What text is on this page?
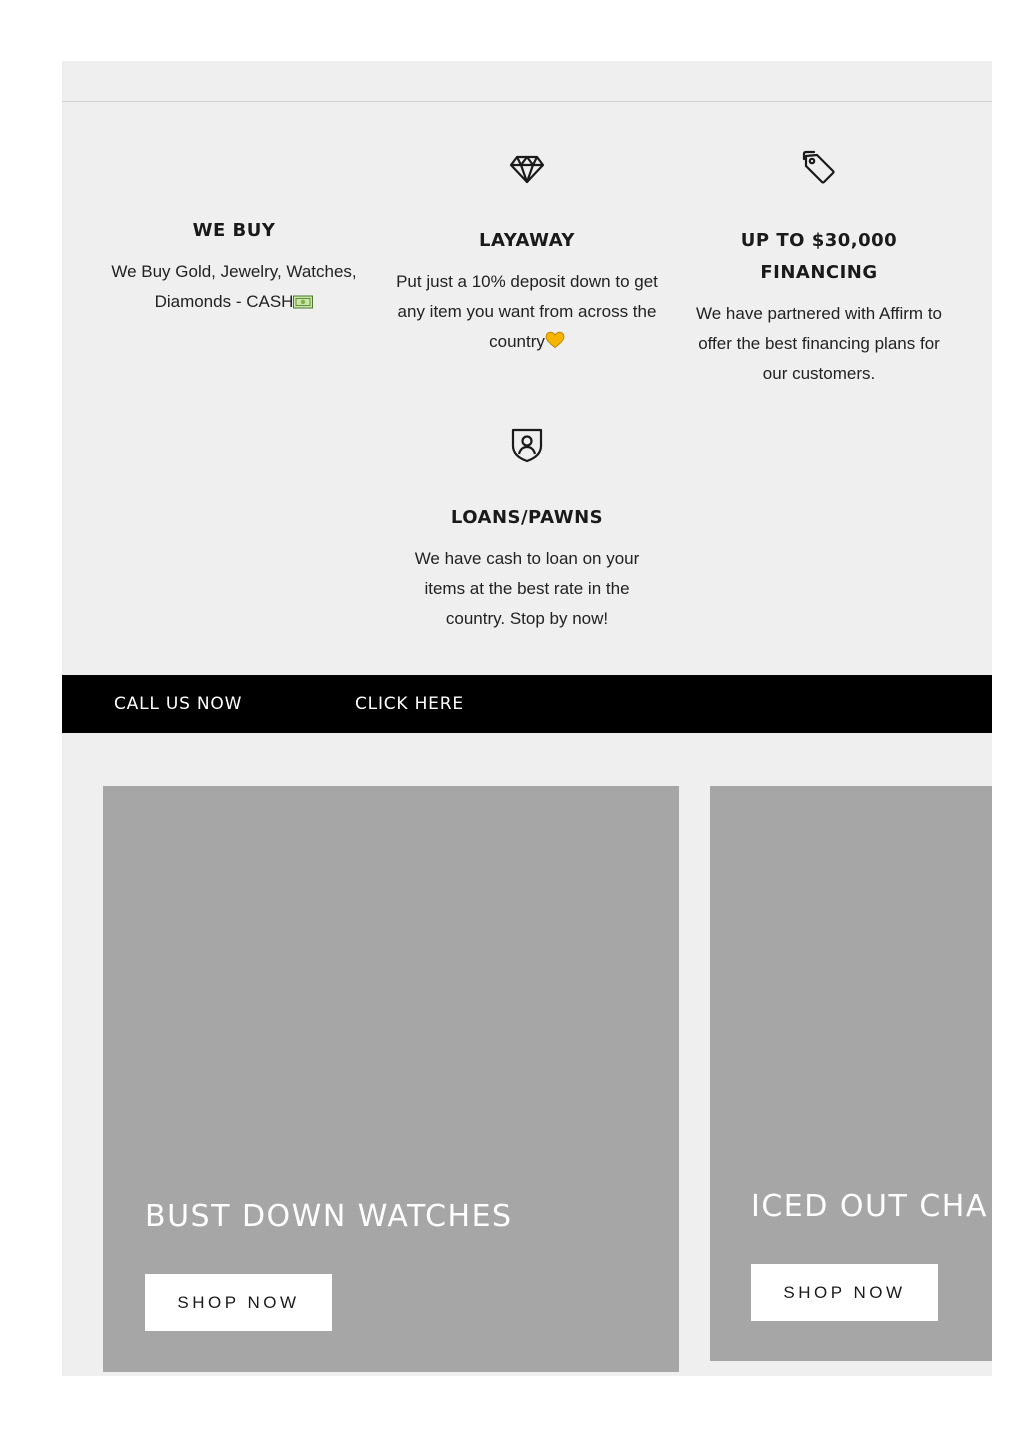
WE BUY
We Buy Gold, Jewelry, Watches, Diamonds - CASH
LAYAWAY
Put just a 10% deposit down to get any item you want from across the country
UP TO $30,000 FINANCING
We have partnered with Affirm to offer the best financing plans for our customers.
LOANS/PAWNS
We have cash to loan on your items at the best rate in the country. Stop by now!
CALL US NOW	CLICK HERE
BUST DOWN WATCHES
SHOP NOW
ICED OUT CHA
SHOP NOW
